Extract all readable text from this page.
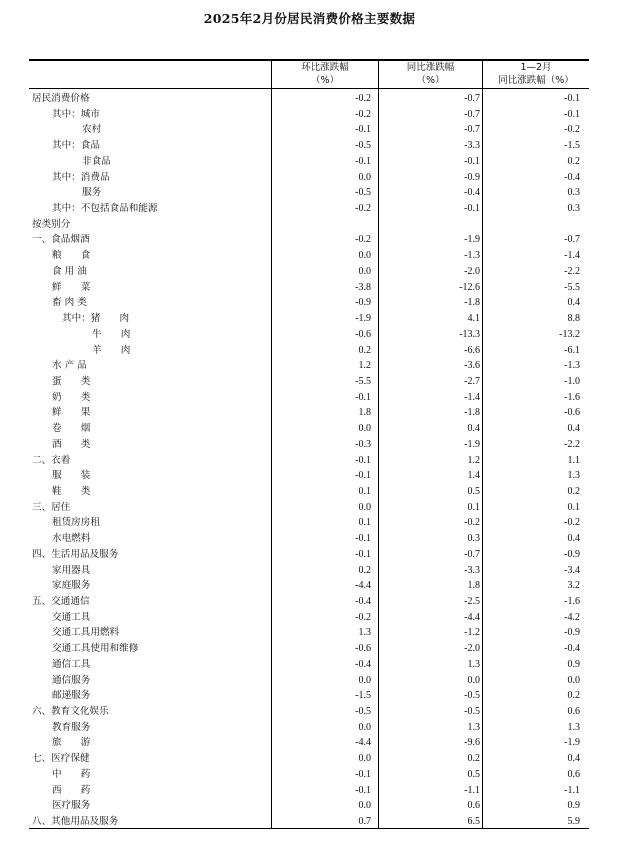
2025年2月份居民消费价格主要数据
环比涨跌幅
（%）
同比涨跌幅
（%）
1—2月
同比涨跌幅（%）
居民消费价格	-0.2	-0.7	-0.1
其中：城市	-0.2	-0.7	-0.1
农村	-0.1	-0.7	-0.2
其中：食品	-0.5	-3.3	-1.5
非食品	-0.1	-0.1	0.2
其中：消费品	0.0	-0.9	-0.4
服务	-0.5	-0.4	0.3
其中：不包括食品和能源	-0.2	-0.1	0.3
按类别分
一、食品烟酒	-0.2	-1.9	-0.7
粮　　食	0.0	-1.3	-1.4
食 用 油	0.0	-2.0	-2.2
鲜　　菜	-3.8	-12.6	-5.5
畜 肉 类	-0.9	-1.8	0.4
其中：猪　　肉	-1.9	4.1	8.8
牛　　肉	-0.6	-13.3	-13.2
羊　　肉	0.2	-6.6	-6.1
水 产 品	1.2	-3.6	-1.3
蛋　　类	-5.5	-2.7	-1.0
奶　　类	-0.1	-1.4	-1.6
鲜　　果	1.8	-1.8	-0.6
卷　　烟	0.0	0.4	0.4
酒　　类	-0.3	-1.9	-2.2
二、衣着	-0.1	1.2	1.1
服　　装	-0.1	1.4	1.3
鞋　　类	0.1	0.5	0.2
三、居住	0.0	0.1	0.1
租赁房房租	0.1	-0.2	-0.2
水电燃料	-0.1	0.3	0.4
四、生活用品及服务	-0.1	-0.7	-0.9
家用器具	0.2	-3.3	-3.4
家庭服务	-4.4	1.8	3.2
五、交通通信	-0.4	-2.5	-1.6
交通工具	-0.2	-4.4	-4.2
交通工具用燃料	1.3	-1.2	-0.9
交通工具使用和维修	-0.6	-2.0	-0.4
通信工具	-0.4	1.3	0.9
通信服务	0.0	0.0	0.0
邮递服务	-1.5	-0.5	0.2
六、教育文化娱乐	-0.5	-0.5	0.6
教育服务	0.0	1.3	1.3
旅　　游	-4.4	-9.6	-1.9
七、医疗保健	0.0	0.2	0.4
中　　药	-0.1	0.5	0.6
西　　药	-0.1	-1.1	-1.1
医疗服务	0.0	0.6	0.9
八、其他用品及服务	0.7	6.5	5.9
